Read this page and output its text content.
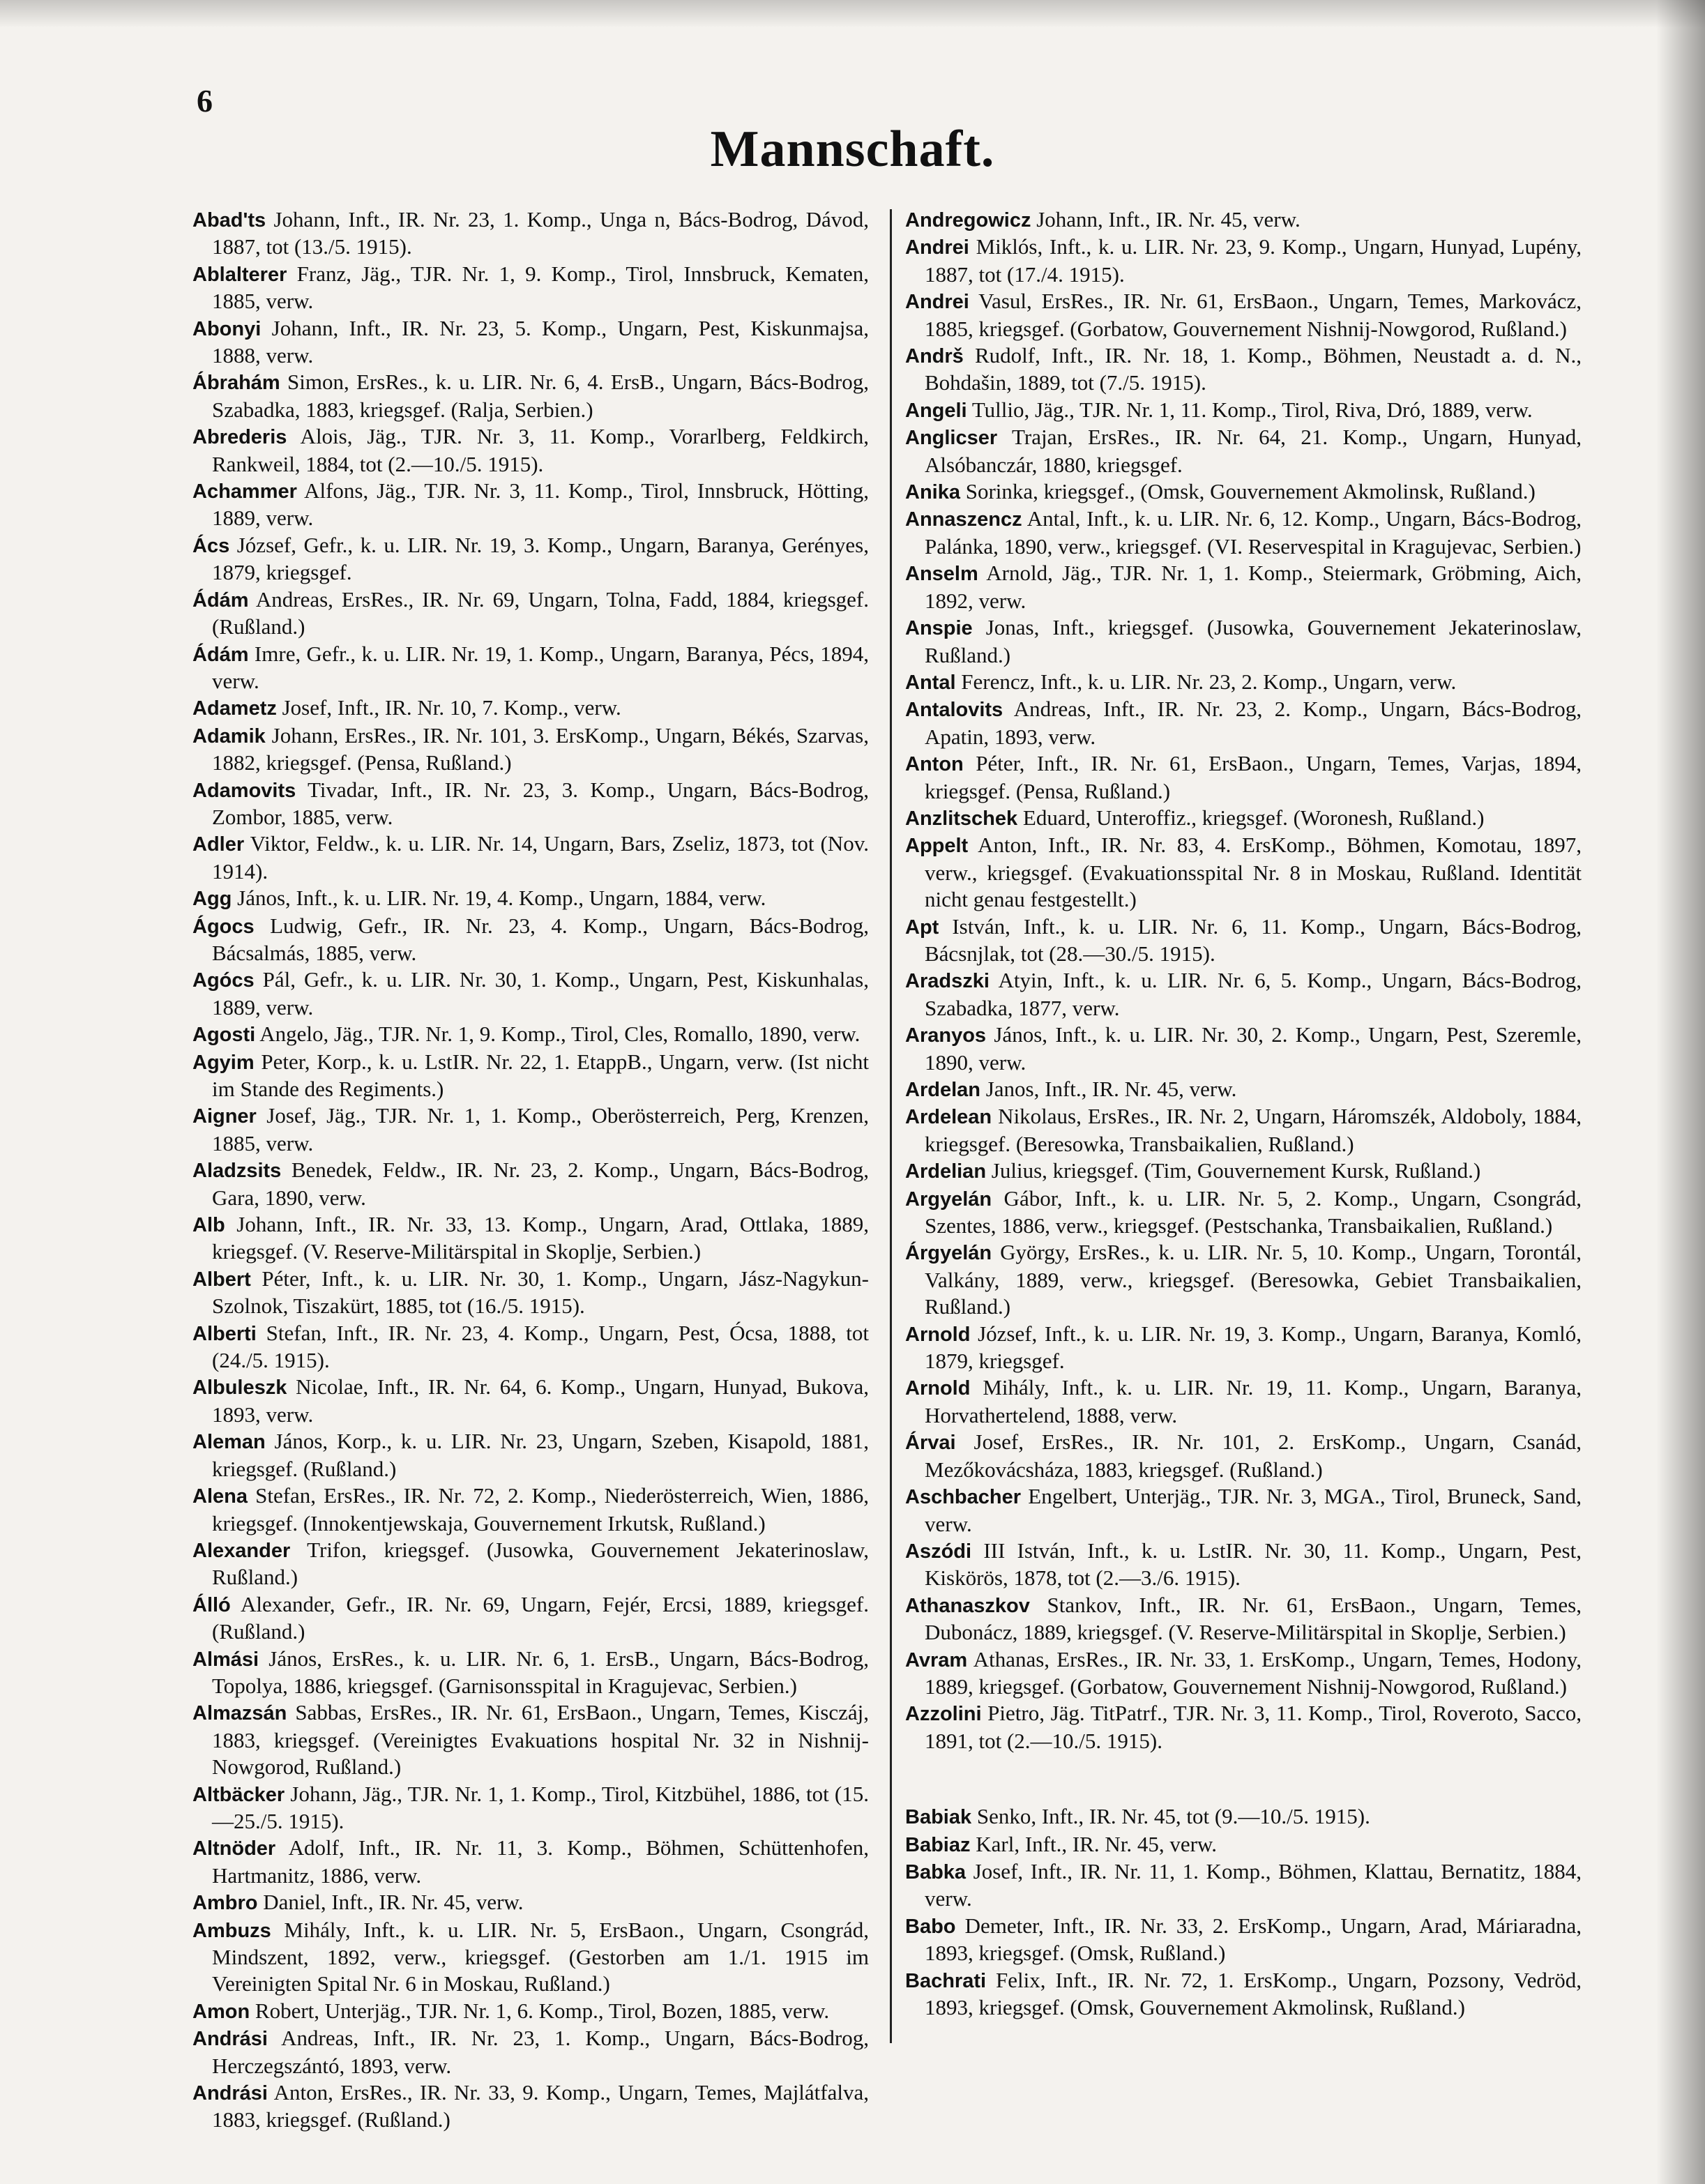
6
Mannschaft.

Abad'ts Johann, Inft., IR. Nr. 23, 1. Komp., Unga n, Bács-Bodrog, Dávod, 1887, tot (13./5. 1915).

Ablalterer Franz, Jäg., TJR. Nr. 1, 9. Komp., Tirol, Innsbruck, Kematen, 1885, verw.

Abonyi Johann, Inft., IR. Nr. 23, 5. Komp., Ungarn, Pest, Kiskunmajsa, 1888, verw.

Ábrahám Simon, ErsRes., k. u. LIR. Nr. 6, 4. ErsB., Ungarn, Bács-Bodrog, Szabadka, 1883, kriegsgef. (Ralja, Serbien.)

Abrederis Alois, Jäg., TJR. Nr. 3, 11. Komp., Vorarlberg, Feldkirch, Rankweil, 1884, tot (2.—10./5. 1915).

Achammer Alfons, Jäg., TJR. Nr. 3, 11. Komp., Tirol, Innsbruck, Hötting, 1889, verw.

Ács József, Gefr., k. u. LIR. Nr. 19, 3. Komp., Ungarn, Baranya, Gerényes, 1879, kriegsgef.

Ádám Andreas, ErsRes., IR. Nr. 69, Ungarn, Tolna, Fadd, 1884, kriegsgef. (Rußland.)

Ádám Imre, Gefr., k. u. LIR. Nr. 19, 1. Komp., Ungarn, Baranya, Pécs, 1894, verw.

Adametz Josef, Inft., IR. Nr. 10, 7. Komp., verw.

Adamik Johann, ErsRes., IR. Nr. 101, 3. ErsKomp., Ungarn, Békés, Szarvas, 1882, kriegsgef. (Pensa, Rußland.)

Adamovits Tivadar, Inft., IR. Nr. 23, 3. Komp., Ungarn, Bács-Bodrog, Zombor, 1885, verw.

Adler Viktor, Feldw., k. u. LIR. Nr. 14, Ungarn, Bars, Zseliz, 1873, tot (Nov. 1914).

Agg János, Inft., k. u. LIR. Nr. 19, 4. Komp., Ungarn, 1884, verw.

Ágocs Ludwig, Gefr., IR. Nr. 23, 4. Komp., Ungarn, Bács-Bodrog, Bácsalmás, 1885, verw.

Agócs Pál, Gefr., k. u. LIR. Nr. 30, 1. Komp., Ungarn, Pest, Kiskunhalas, 1889, verw.

Agosti Angelo, Jäg., TJR. Nr. 1, 9. Komp., Tirol, Cles, Romallo, 1890, verw.

Agyim Peter, Korp., k. u. LstIR. Nr. 22, 1. EtappB., Ungarn, verw. (Ist nicht im Stande des Regiments.)

Aigner Josef, Jäg., TJR. Nr. 1, 1. Komp., Oberösterreich, Perg, Krenzen, 1885, verw.

Aladzsits Benedek, Feldw., IR. Nr. 23, 2. Komp., Ungarn, Bács-Bodrog, Gara, 1890, verw.

Alb Johann, Inft., IR. Nr. 33, 13. Komp., Ungarn, Arad, Ottlaka, 1889, kriegsgef. (V. Reserve-Militärspital in Skoplje, Serbien.)

Albert Péter, Inft., k. u. LIR. Nr. 30, 1. Komp., Ungarn, Jász-Nagykun-Szolnok, Tiszakürt, 1885, tot (16./5. 1915).

Alberti Stefan, Inft., IR. Nr. 23, 4. Komp., Ungarn, Pest, Ócsa, 1888, tot (24./5. 1915).

Albuleszk Nicolae, Inft., IR. Nr. 64, 6. Komp., Ungarn, Hunyad, Bukova, 1893, verw.

Aleman János, Korp., k. u. LIR. Nr. 23, Ungarn, Szeben, Kisapold, 1881, kriegsgef. (Rußland.)

Alena Stefan, ErsRes., IR. Nr. 72, 2. Komp., Niederösterreich, Wien, 1886, kriegsgef. (Innokentjewskaja, Gouvernement Irkutsk, Rußland.)

Alexander Trifon, kriegsgef. (Jusowka, Gouvernement Jekaterinoslaw, Rußland.)

Álló Alexander, Gefr., IR. Nr. 69, Ungarn, Fejér, Ercsi, 1889, kriegsgef. (Rußland.)

Almási János, ErsRes., k. u. LIR. Nr. 6, 1. ErsB., Ungarn, Bács-Bodrog, Topolya, 1886, kriegsgef. (Garnisonsspital in Kragujevac, Serbien.)

Almazsán Sabbas, ErsRes., IR. Nr. 61, ErsBaon., Ungarn, Temes, Kisczáj, 1883, kriegsgef. (Vereinigtes Evakuations hospital Nr. 32 in Nishnij-Nowgorod, Rußland.)

Altbäcker Johann, Jäg., TJR. Nr. 1, 1. Komp., Tirol, Kitzbühel, 1886, tot (15.—25./5. 1915).

Altnöder Adolf, Inft., IR. Nr. 11, 3. Komp., Böhmen, Schüttenhofen, Hartmanitz, 1886, verw.

Ambro Daniel, Inft., IR. Nr. 45, verw.

Ambuzs Mihály, Inft., k. u. LIR. Nr. 5, ErsBaon., Ungarn, Csongrád, Mindszent, 1892, verw., kriegsgef. (Gestorben am 1./1. 1915 im Vereinigten Spital Nr. 6 in Moskau, Rußland.)

Amon Robert, Unterjäg., TJR. Nr. 1, 6. Komp., Tirol, Bozen, 1885, verw.

Andrási Andreas, Inft., IR. Nr. 23, 1. Komp., Ungarn, Bács-Bodrog, Herczegszántó, 1893, verw.

Andrási Anton, ErsRes., IR. Nr. 33, 9. Komp., Ungarn, Temes, Majlátfalva, 1883, kriegsgef. (Rußland.)

Andregowicz Johann, Inft., IR. Nr. 45, verw.

Andrei Miklós, Inft., k. u. LIR. Nr. 23, 9. Komp., Ungarn, Hunyad, Lupény, 1887, tot (17./4. 1915).

Andrei Vasul, ErsRes., IR. Nr. 61, ErsBaon., Ungarn, Temes, Markovácz, 1885, kriegsgef. (Gorbatow, Gouvernement Nishnij-Nowgorod, Rußland.)

Andrš Rudolf, Inft., IR. Nr. 18, 1. Komp., Böhmen, Neustadt a. d. N., Bohdašin, 1889, tot (7./5. 1915).

Angeli Tullio, Jäg., TJR. Nr. 1, 11. Komp., Tirol, Riva, Dró, 1889, verw.

Anglicser Trajan, ErsRes., IR. Nr. 64, 21. Komp., Ungarn, Hunyad, Alsóbanczár, 1880, kriegsgef.

Anika Sorinka, kriegsgef., (Omsk, Gouvernement Akmolinsk, Rußland.)

Annaszencz Antal, Inft., k. u. LIR. Nr. 6, 12. Komp., Ungarn, Bács-Bodrog, Palánka, 1890, verw., kriegsgef. (VI. Reservespital in Kragujevac, Serbien.)

Anselm Arnold, Jäg., TJR. Nr. 1, 1. Komp., Steiermark, Gröbming, Aich, 1892, verw.

Anspie Jonas, Inft., kriegsgef. (Jusowka, Gouvernement Jekaterinoslaw, Rußland.)

Antal Ferencz, Inft., k. u. LIR. Nr. 23, 2. Komp., Ungarn, verw.

Antalovits Andreas, Inft., IR. Nr. 23, 2. Komp., Ungarn, Bács-Bodrog, Apatin, 1893, verw.

Anton Péter, Inft., IR. Nr. 61, ErsBaon., Ungarn, Temes, Varjas, 1894, kriegsgef. (Pensa, Rußland.)

Anzlitschek Eduard, Unteroffiz., kriegsgef. (Woronesh, Rußland.)

Appelt Anton, Inft., IR. Nr. 83, 4. ErsKomp., Böhmen, Komotau, 1897, verw., kriegsgef. (Evakuationsspital Nr. 8 in Moskau, Rußland. Identität nicht genau festgestellt.)

Apt István, Inft., k. u. LIR. Nr. 6, 11. Komp., Ungarn, Bács-Bodrog, Bácsnjlak, tot (28.—30./5. 1915).

Aradszki Atyin, Inft., k. u. LIR. Nr. 6, 5. Komp., Ungarn, Bács-Bodrog, Szabadka, 1877, verw.

Aranyos János, Inft., k. u. LIR. Nr. 30, 2. Komp., Ungarn, Pest, Szeremle, 1890, verw.

Ardelan Janos, Inft., IR. Nr. 45, verw.

Ardelean Nikolaus, ErsRes., IR. Nr. 2, Ungarn, Háromszék, Aldoboly, 1884, kriegsgef. (Beresowka, Transbaikalien, Rußland.)

Ardelian Julius, kriegsgef. (Tim, Gouvernement Kursk, Rußland.)

Argyelán Gábor, Inft., k. u. LIR. Nr. 5, 2. Komp., Ungarn, Csongrád, Szentes, 1886, verw., kriegsgef. (Pestschanka, Transbaikalien, Rußland.)

Árgyelán György, ErsRes., k. u. LIR. Nr. 5, 10. Komp., Ungarn, Torontál, Valkány, 1889, verw., kriegsgef. (Beresowka, Gebiet Transbaikalien, Rußland.)

Arnold József, Inft., k. u. LIR. Nr. 19, 3. Komp., Ungarn, Baranya, Komló, 1879, kriegsgef.

Arnold Mihály, Inft., k. u. LIR. Nr. 19, 11. Komp., Ungarn, Baranya, Horvathertelend, 1888, verw.

Árvai Josef, ErsRes., IR. Nr. 101, 2. ErsKomp., Ungarn, Csanád, Mezőkovácsháza, 1883, kriegsgef. (Rußland.)

Aschbacher Engelbert, Unterjäg., TJR. Nr. 3, MGA., Tirol, Bruneck, Sand, verw.

Aszódi III István, Inft., k. u. LstIR. Nr. 30, 11. Komp., Ungarn, Pest, Kiskörös, 1878, tot (2.—3./6. 1915).

Athanaszkov Stankov, Inft., IR. Nr. 61, ErsBaon., Ungarn, Temes, Dubonácz, 1889, kriegsgef. (V. Reserve-Militärspital in Skoplje, Serbien.)

Avram Athanas, ErsRes., IR. Nr. 33, 1. ErsKomp., Ungarn, Temes, Hodony, 1889, kriegsgef. (Gorbatow, Gouvernement Nishnij-Nowgorod, Rußland.)

Azzolini Pietro, Jäg. TitPatrf., TJR. Nr. 3, 11. Komp., Tirol, Roveroto, Sacco, 1891, tot (2.—10./5. 1915).

Babiak Senko, Inft., IR. Nr. 45, tot (9.—10./5. 1915).

Babiaz Karl, Inft., IR. Nr. 45, verw.

Babka Josef, Inft., IR. Nr. 11, 1. Komp., Böhmen, Klattau, Bernatitz, 1884, verw.

Babo Demeter, Inft., IR. Nr. 33, 2. ErsKomp., Ungarn, Arad, Máriaradna, 1893, kriegsgef. (Omsk, Rußland.)

Bachrati Felix, Inft., IR. Nr. 72, 1. ErsKomp., Ungarn, Pozsony, Vedröd, 1893, kriegsgef. (Omsk, Gouvernement Akmolinsk, Rußland.)
